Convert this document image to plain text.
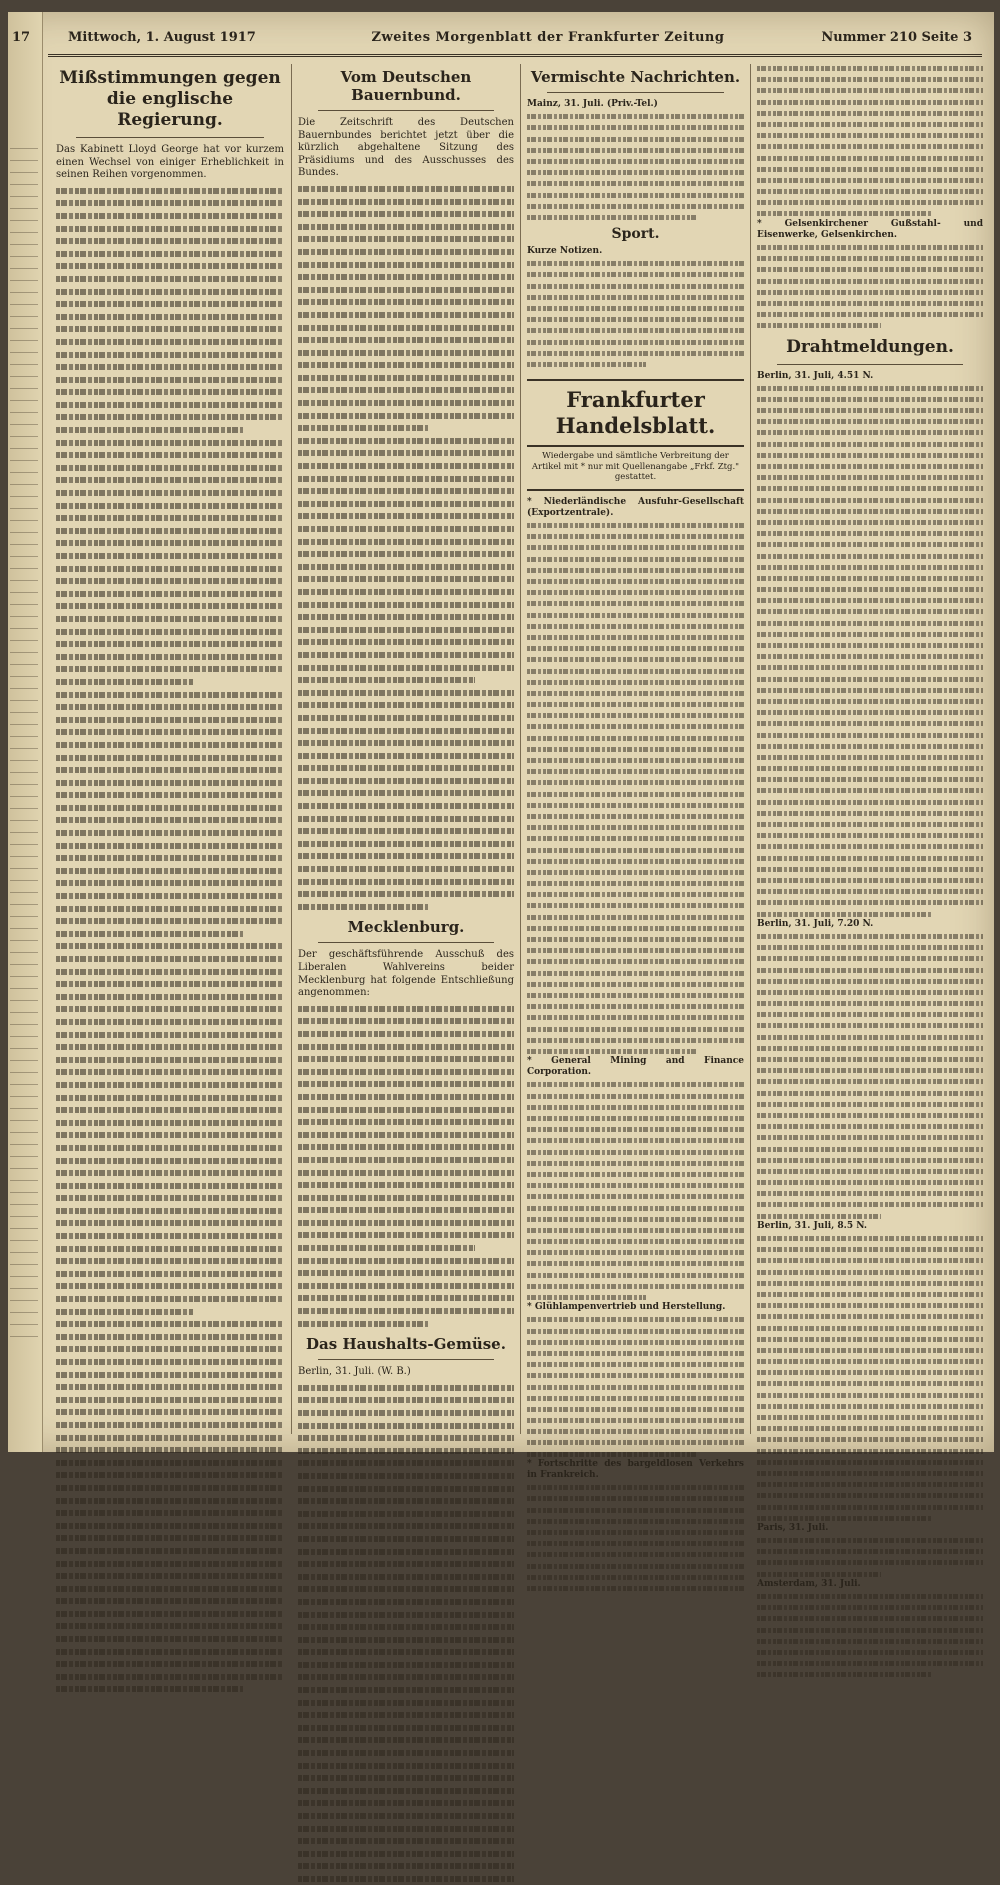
17	Mittwoch, 1. August 1917	Zweites Morgenblatt der Frankfurter Zeitung	Nummer 210 Seite 3
Mißstimmungen gegen die englische Regierung.

Das Kabinett Lloyd George hat vor kurzem einen Wechsel von einiger Erheblichkeit in seinen Reihen vorgenommen.

Vom Deutschen Bauernbund.

Die Zeitschrift des Deutschen Bauernbundes berichtet jetzt über die kürzlich abgehaltene Sitzung des Präsidiums und des Ausschusses des Bundes.

Mecklenburg.

Der geschäftsführende Ausschuß des Liberalen Wahlvereins beider Mecklenburg hat folgende Entschließung angenommen:

Das Haushalts-Gemüse.

Berlin, 31. Juli. (W. B.)

Vermischte Nachrichten.

Mainz, 31. Juli. (Priv.-Tel.)

Sport.

Kurze Notizen.

Frankfurter Handelsblatt.

Wiedergabe und sämtliche Verbreitung der Artikel mit * nur mit Quellenangabe „Frkf. Ztg." gestattet.

* Niederländische Ausfuhr-Gesellschaft (Exportzentrale).

* General Mining and Finance Corporation.

* Glühlampenvertrieb und Herstellung.

* Fortschritte des bargeldlosen Verkehrs in Frankreich.

* Gelsenkirchener Gußstahl- und Eisenwerke, Gelsenkirchen.

Drahtmeldungen.

Berlin, 31. Juli, 4.51 N.

Berlin, 31. Juli, 7.20 N.

Berlin, 31. Juli, 8.5 N.

Paris, 31. Juli.

Amsterdam, 31. Juli.
